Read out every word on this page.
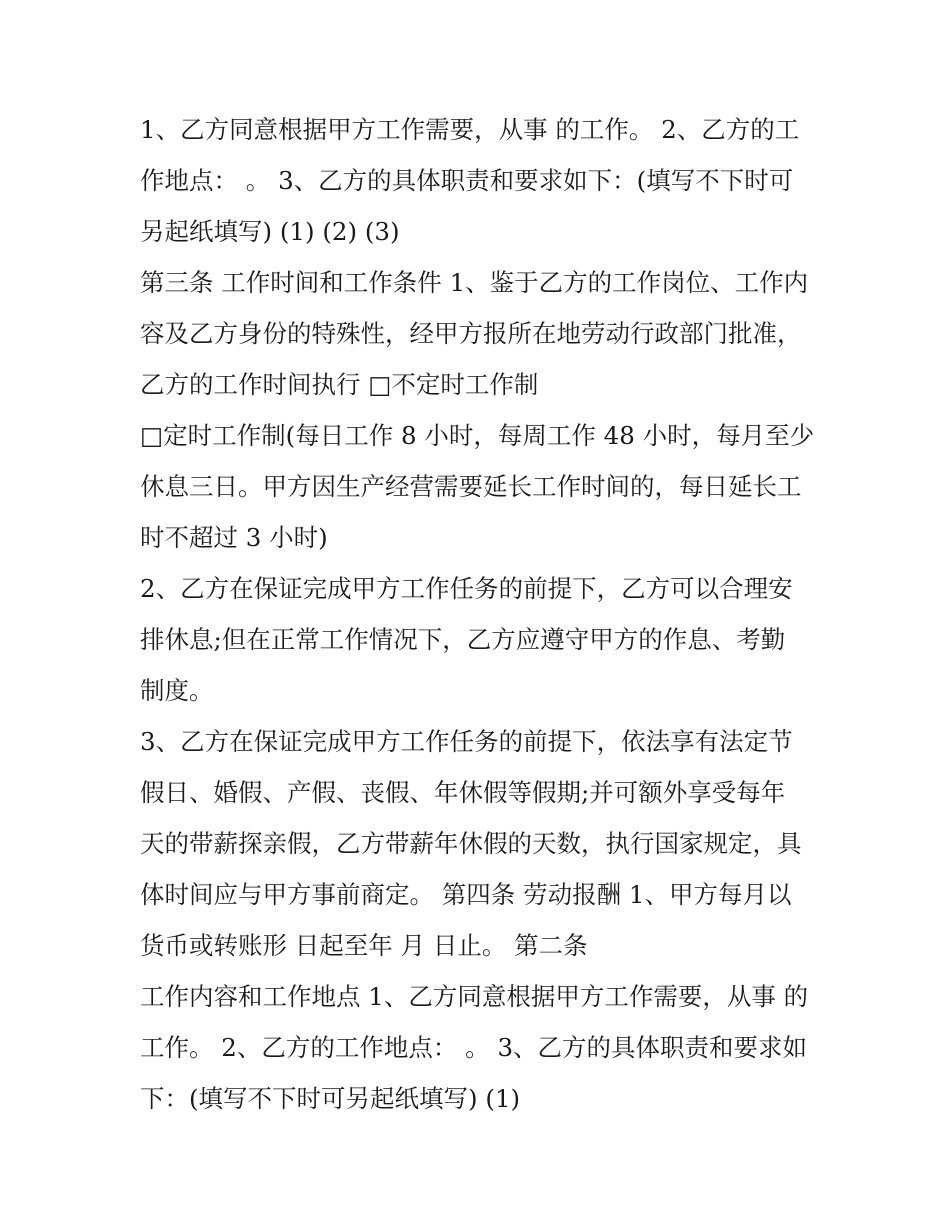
1、乙方同意根据甲方工作需要，从事 的工作。 2、乙方的工
作地点： 。 3、乙方的具体职责和要求如下：(填写不下时可
另起纸填写) (1) (2) (3)
第三条 工作时间和工作条件 1、鉴于乙方的工作岗位、工作内
容及乙方身份的特殊性，经甲方报所在地劳动行政部门批准，
乙方的工作时间执行 □不定时工作制
□定时工作制(每日工作 8 小时，每周工作 48 小时，每月至少
休息三日。甲方因生产经营需要延长工作时间的，每日延长工
时不超过 3 小时)
2、乙方在保证完成甲方工作任务的前提下，乙方可以合理安
排休息;但在正常工作情况下，乙方应遵守甲方的作息、考勤
制度。
3、乙方在保证完成甲方工作任务的前提下，依法享有法定节
假日、婚假、产假、丧假、年休假等假期;并可额外享受每年
天的带薪探亲假，乙方带薪年休假的天数，执行国家规定，具
体时间应与甲方事前商定。 第四条 劳动报酬 1、甲方每月以
货币或转账形 日起至年 月 日止。 第二条
工作内容和工作地点 1、乙方同意根据甲方工作需要，从事 的
工作。 2、乙方的工作地点： 。 3、乙方的具体职责和要求如
下：(填写不下时可另起纸填写) (1)
